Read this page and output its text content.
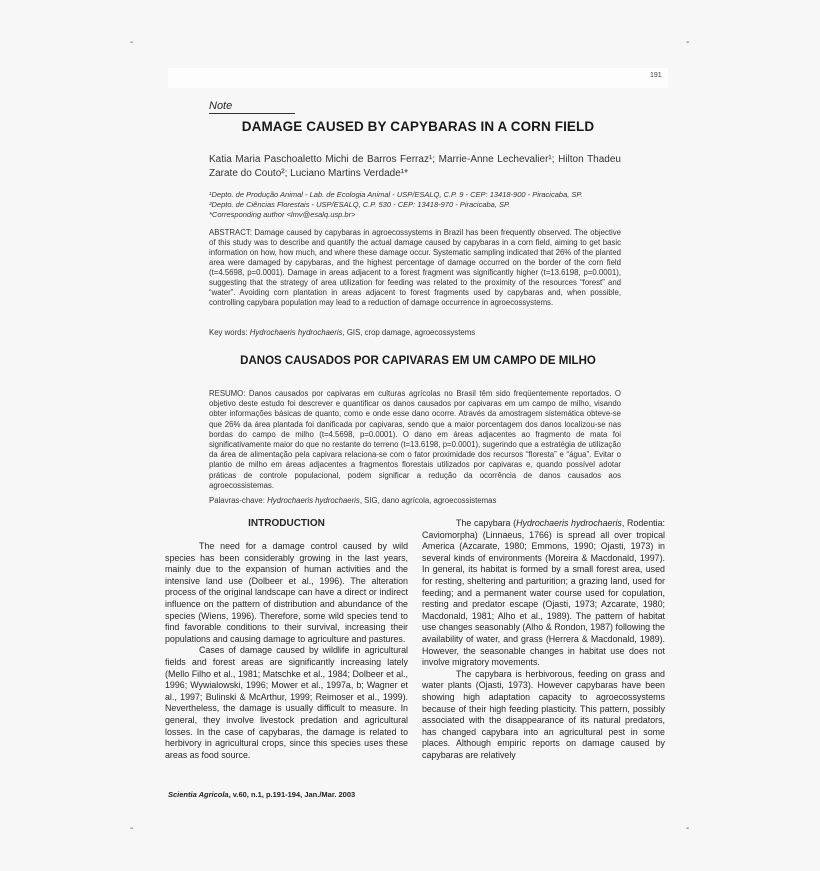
-	-
-	-
191
Note
DAMAGE CAUSED BY CAPYBARAS IN A CORN FIELD
Katia Maria Paschoaletto Michi de Barros Ferraz¹; Marrie-Anne Lechevalier¹; Hilton Thadeu Zarate do Couto²; Luciano Martins Verdade¹*
¹Depto. de Produção Animal - Lab. de Ecologia Animal - USP/ESALQ, C.P. 9 - CEP: 13418-900 - Piracicaba, SP.
²Depto. de Ciências Florestais - USP/ESALQ, C.P. 530 - CEP: 13418-970 - Piracicaba, SP.
*Corresponding author <lmv@esalq.usp.br>
ABSTRACT: Damage caused by capybaras in agroecossystems in Brazil has been frequently observed. The objective of this study was to describe and quantify the actual damage caused by capybaras in a corn field, aiming to get basic information on how, how much, and where these damage occur. Systematic sampling indicated that 26% of the planted area were damaged by capybaras, and the highest percentage of damage occurred on the border of the corn field (t=4.5698, p=0.0001). Damage in areas adjacent to a forest fragment was significantly higher (t=13.6198, p=0.0001), suggesting that the strategy of area utilization for feeding was related to the proximity of the resources “forest” and “water”. Avoiding corn plantation in areas adjacent to forest fragments used by capybaras and, when possible, controlling capybara population may lead to a reduction of damage occurrence in agroecossystems.
Key words: Hydrochaeris hydrochaeris, GIS, crop damage, agroecossystems
DANOS CAUSADOS POR CAPIVARAS EM UM CAMPO DE MILHO
RESUMO: Danos causados por capivaras em culturas agrícolas no Brasil têm sido freqüentemente reportados. O objetivo deste estudo foi descrever e quantificar os danos causados por capivaras em um campo de milho, visando obter informações básicas de quanto, como e onde esse dano ocorre. Através da amostragem sistemática obteve-se que 26% da área plantada foi danificada por capivaras, sendo que a maior porcentagem dos danos localizou-se nas bordas do campo de milho (t=4.5698, p=0.0001). O dano em áreas adjacentes ao fragmento de mata foi significativamente maior do que no restante do terreno (t=13.6198, p=0.0001), sugerindo que a estratégia de utilização da área de alimentação pela capivara relaciona-se com o fator proximidade dos recursos “floresta” e “água”. Evitar o plantio de milho em áreas adjacentes a fragmentos florestais utilizados por capivaras e, quando possível adotar práticas de controle populacional, podem significar a redução da ocorrência de danos causados aos agroecossistemas.
Palavras-chave: Hydrochaeris hydrochaeris, SIG, dano agrícola, agroecossistemas
INTRODUCTION

The need for a damage control caused by wild species has been considerably growing in the last years, mainly due to the expansion of human activities and the intensive land use (Dolbeer et al., 1996). The alteration process of the original landscape can have a direct or indirect influence on the pattern of distribution and abundance of the species (Wiens, 1996). Therefore, some wild species tend to find favorable conditions to their survival, increasing their populations and causing damage to agriculture and pastures.

Cases of damage caused by wildlife in agricultural fields and forest areas are significantly increasing lately (Mello Filho et al., 1981; Matschke et al., 1984; Dolbeer et al., 1996; Wywialowski, 1996; Mower et al., 1997a, b; Wagner et al., 1997; Bulinski & McArthur, 1999; Reimoser et al., 1999). Nevertheless, the damage is usually difficult to measure. In general, they involve livestock predation and agricultural losses. In the case of capybaras, the damage is related to herbivory in agricultural crops, since this species uses these areas as food source.

The capybara (Hydrochaeris hydrochaeris, Rodentia: Caviomorpha) (Linnaeus, 1766) is spread all over tropical America (Azcarate, 1980; Emmons, 1990; Ojasti, 1973) in several kinds of environments (Moreira & Macdonald, 1997). In general, its habitat is formed by a small forest area, used for resting, sheltering and parturition; a grazing land, used for feeding; and a permanent water course used for copulation, resting and predator escape (Ojasti, 1973; Azcarate, 1980; Macdonald, 1981; Alho et al., 1989). The pattern of habitat use changes seasonably (Alho & Rondon, 1987) following the availability of water, and grass (Herrera & Macdonald, 1989). However, the seasonable changes in habitat use does not involve migratory movements.

The capybara is herbivorous, feeding on grass and water plants (Ojasti, 1973). However capybaras have been showing high adaptation capacity to agroecossystems because of their high feeding plasticity. This pattern, possibly associated with the disappearance of its natural predators, has changed capybara into an agricultural pest in some places. Although empiric reports on damage caused by capybaras are relatively

Scientia Agricola, v.60, n.1, p.191-194, Jan./Mar. 2003
